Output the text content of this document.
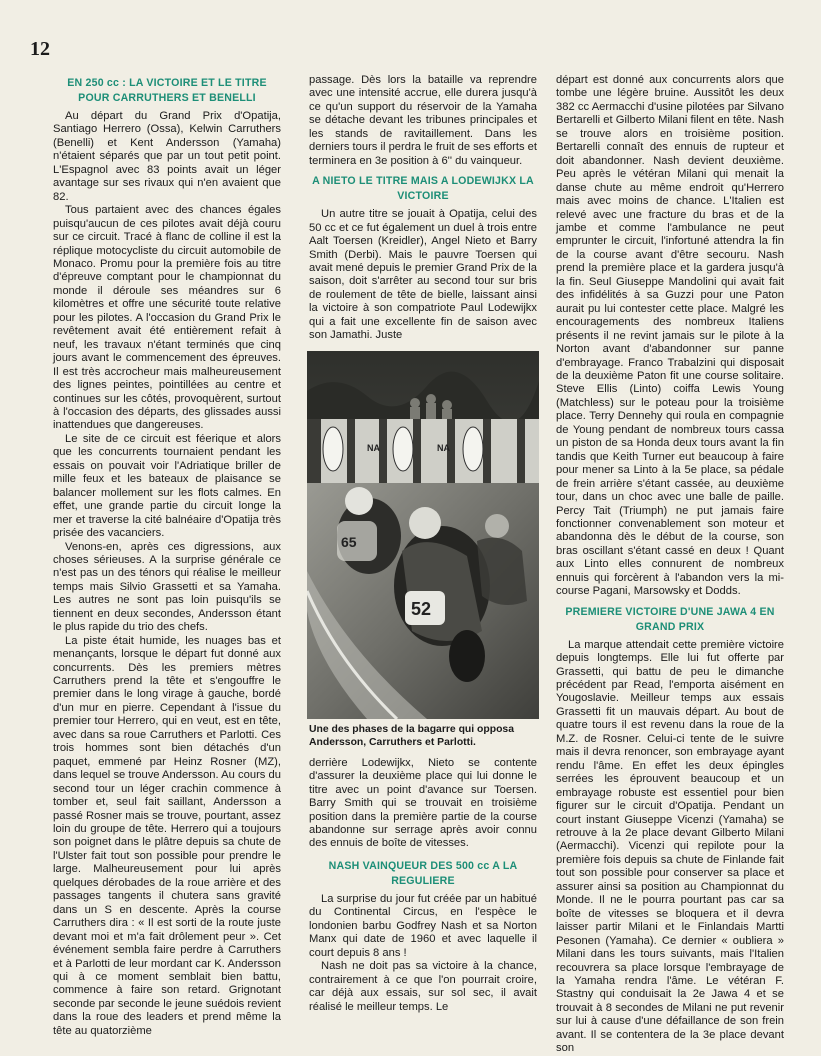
12
EN 250 cc : LA VICTOIRE ET LE TITRE POUR CARRUTHERS ET BENELLI

Au départ du Grand Prix d'Opatija, Santiago Herrero (Ossa), Kelwin Carruthers (Benelli) et Kent Andersson (Yamaha) n'étaient séparés que par un tout petit point. L'Espagnol avec 83 points avait un léger avantage sur ses rivaux qui n'en avaient que 82.

Tous partaient avec des chances égales puisqu'aucun de ces pilotes avait déjà couru sur ce circuit. Tracé à flanc de colline il est la réplique motocycliste du circuit automobile de Monaco. Promu pour la première fois au titre d'épreuve comptant pour le championnat du monde il déroule ses méandres sur 6 kilomètres et offre une sécurité toute relative pour les pilotes. A l'occasion du Grand Prix le revêtement avait été entièrement refait à neuf, les travaux n'étant terminés que cinq jours avant le commencement des épreuves. Il est très accrocheur mais malheureusement des lignes peintes, pointillées au centre et continues sur les côtés, provoquèrent, surtout à l'occasion des départs, des glissades aussi inattendues que dangereuses.

Le site de ce circuit est féerique et alors que les concurrents tournaient pendant les essais on pouvait voir l'Adriatique briller de mille feux et les bateaux de plaisance se balancer mollement sur les flots calmes. En effet, une grande partie du circuit longe la mer et traverse la cité balnéaire d'Opatija très prisée des vacanciers.

Venons-en, après ces digressions, aux choses sérieuses. A la surprise générale ce n'est pas un des ténors qui réalise le meilleur temps mais Silvio Grassetti et sa Yamaha. Les autres ne sont pas loin puisqu'ils se tiennent en deux secondes, Andersson étant le plus rapide du trio des chefs.

La piste était humide, les nuages bas et menançants, lorsque le départ fut donné aux concurrents. Dès les premiers mètres Carruthers prend la tête et s'engouffre le premier dans le long virage à gauche, bordé d'un mur en pierre. Cependant à l'issue du premier tour Herrero, qui en veut, est en tête, avec dans sa roue Carruthers et Parlotti. Ces trois hommes sont bien détachés d'un paquet, emmené par Heinz Rosner (MZ), dans lequel se trouve Andersson. Au cours du second tour un léger crachin commence à tomber et, seul fait saillant, Andersson a passé Rosner mais se trouve, pourtant, assez loin du groupe de tête. Herrero qui a toujours son poignet dans le plâtre depuis sa chute de l'Ulster fait tout son possible pour prendre le large. Malheureusement pour lui après quelques dérobades de la roue arrière et des passages tangents il chutera sans gravité dans un S en descente. Après la course Carruthers dira : « Il est sorti de la route juste devant moi et m'a fait drôlement peur ». Cet événement sembla faire perdre à Carruthers et à Parlotti de leur mordant car K. Andersson qui à ce moment semblait bien battu, commence à faire son retard. Grignotant seconde par seconde le jeune suédois revient dans la roue des leaders et prend même la tête au quatorzième

passage. Dès lors la bataille va reprendre avec une intensité accrue, elle durera jusqu'à ce qu'un support du réservoir de la Yamaha se détache devant les tribunes principales et les stands de ravitaillement. Dans les derniers tours il perdra le fruit de ses efforts et terminera en 3e position à 6'' du vainqueur.

A NIETO LE TITRE MAIS A LODEWIJKX LA VICTOIRE

Un autre titre se jouait à Opatija, celui des 50 cc et ce fut également un duel à trois entre Aalt Toersen (Kreidler), Angel Nieto et Barry Smith (Derbi). Mais le pauvre Toersen qui avait mené depuis le premier Grand Prix de la saison, doit s'arrêter au second tour sur bris de roulement de tête de bielle, laissant ainsi la victoire à son compatriote Paul Lodewijkx qui a fait une excellente fin de saison avec son Jamathi. Juste

NA	NA
65
52
Une des phases de la bagarre qui opposa Andersson, Carruthers et Parlotti.

derrière Lodewijkx, Nieto se contente d'assurer la deuxième place qui lui donne le titre avec un point d'avance sur Toersen. Barry Smith qui se trouvait en troisième position dans la première partie de la course abandonne sur serrage après avoir connu des ennuis de boîte de vitesses.

NASH VAINQUEUR DES 500 cc A LA REGULIERE

La surprise du jour fut créée par un habitué du Continental Circus, en l'espèce le londonien barbu Godfrey Nash et sa Norton Manx qui date de 1960 et avec laquelle il court depuis 8 ans !

Nash ne doit pas sa victoire à la chance, contrairement à ce que l'on pourrait croire, car déjà aux essais, sur sol sec, il avait réalisé le meilleur temps. Le

départ est donné aux concurrents alors que tombe une légère bruine. Aussitôt les deux 382 cc Aermacchi d'usine pilotées par Silvano Bertarelli et Gilberto Milani filent en tête. Nash se trouve alors en troisième position. Bertarelli connaît des ennuis de rupteur et doit abandonner. Nash devient deuxième. Peu après le vétéran Milani qui menait la danse chute au même endroit qu'Herrero mais avec moins de chance. L'Italien est relevé avec une fracture du bras et de la jambe et comme l'ambulance ne peut emprunter le circuit, l'infortuné attendra la fin de la course avant d'être secouru. Nash prend la première place et la gardera jusqu'à la fin. Seul Giuseppe Mandolini qui avait fait des infidélités à sa Guzzi pour une Paton aurait pu lui contester cette place. Malgré les encouragements des nombreux Italiens présents il ne revint jamais sur le pilote à la Norton avant d'abandonner sur panne d'embrayage. Franco Trabalzini qui disposait de la deuxième Paton fit une course solitaire. Steve Ellis (Linto) coiffa Lewis Young (Matchless) sur le poteau pour la troisième place. Terry Dennehy qui roula en compagnie de Young pendant de nombreux tours cassa un piston de sa Honda deux tours avant la fin tandis que Keith Turner eut beaucoup à faire pour mener sa Linto à la 5e place, sa pédale de frein arrière s'étant cassée, au deuxième tour, dans un choc avec une balle de paille. Percy Tait (Triumph) ne put jamais faire fonctionner convenablement son moteur et abandonna dès le début de la course, son bras oscillant s'étant cassé en deux ! Quant aux Linto elles connurent de nombreux ennuis qui forcèrent à l'abandon vers la mi-course Pagani, Marsowsky et Dodds.

PREMIERE VICTOIRE D'UNE JAWA 4 EN GRAND PRIX

La marque attendait cette première victoire depuis longtemps. Elle lui fut offerte par Grassetti, qui battu de peu le dimanche précédent par Read, l'emporta aisément en Yougoslavie. Meilleur temps aux essais Grassetti fit un mauvais départ. Au bout de quatre tours il est revenu dans la roue de la M.Z. de Rosner. Celui-ci tente de le suivre mais il devra renoncer, son embrayage ayant rendu l'âme. En effet les deux épingles serrées les éprouvent beaucoup et un embrayage robuste est essentiel pour bien figurer sur le circuit d'Opatija. Pendant un court instant Giuseppe Vicenzi (Yamaha) se retrouve à la 2e place devant Gilberto Milani (Aermacchi). Vicenzi qui repilote pour la première fois depuis sa chute de Finlande fait tout son possible pour conserver sa place et assurer ainsi sa position au Championnat du Monde. Il ne le pourra pourtant pas car sa boîte de vitesses se bloquera et il devra laisser partir Milani et le Finlandais Martti Pesonen (Yamaha). Ce dernier « oubliera » Milani dans les tours suivants, mais l'Italien recouvrera sa place lorsque l'embrayage de la Yamaha rendra l'âme. Le vétéran F. Stastny qui conduisait la 2e Jawa 4 et se trouvait à 8 secondes de Milani ne put revenir sur lui à cause d'une défaillance de son frein avant. Il se contentera de la 3e place devant son
